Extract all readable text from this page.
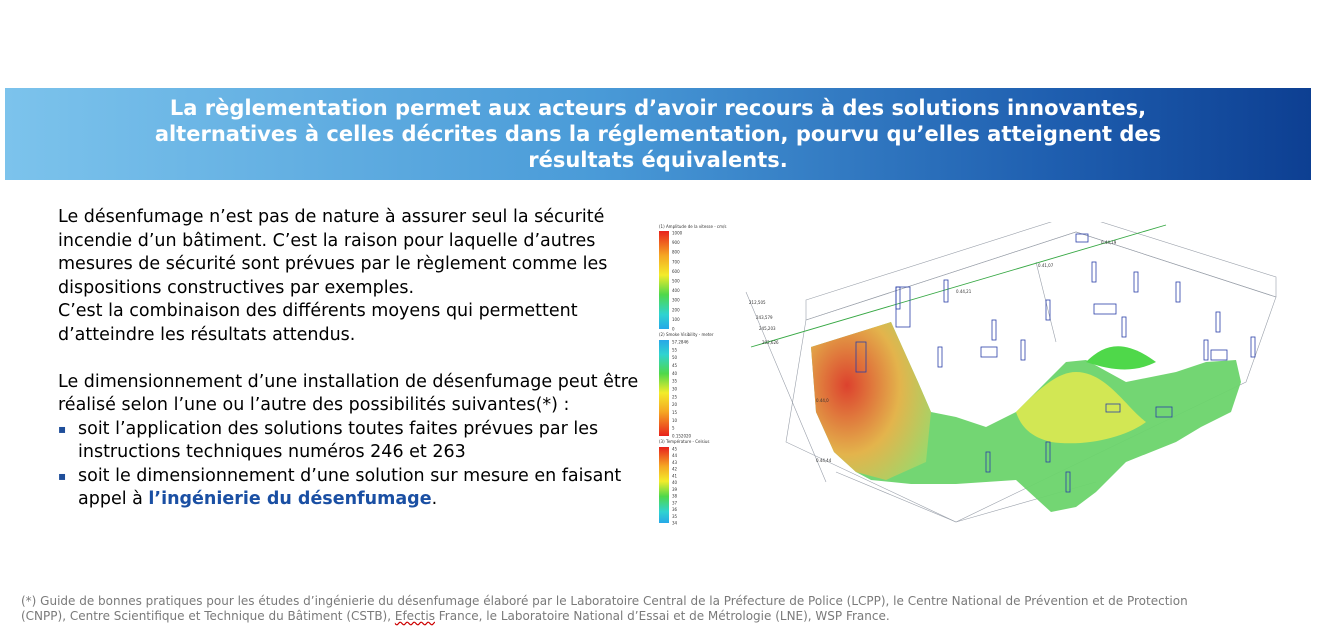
La règlementation permet aux acteurs d’avoir recours à des solutions innovantes,
alternatives à celles décrites dans la réglementation, pourvu qu’elles atteignent des
résultats équivalents.

Le désenfumage n’est pas de nature à assurer seul la sécurité incendie d’un bâtiment. C’est la raison pour laquelle d’autres mesures de sécurité sont prévues par le règlement comme les dispositions constructives par exemples.

C’est la combinaison des différents moyens qui permettent d’atteindre les résultats attendus.

Le dimensionnement d’une installation de désenfumage peut être réalisé selon l’une ou l’autre des possibilités suivantes(*) :

▪ soit l’application des solutions toutes faites prévues par les instructions techniques numéros 246 et 263
▪ soit le dimensionnement d’une solution sur mesure en faisant appel à l’ingénierie du désenfumage.
(1) Amplitude de la vitesse - cm/s
1000
900
800
700
600
500
400
300
200
100
0
(2) Smoke Visibility - meter
57.2846
55
50
45
40
35
30
25
20
15
10
5
0.152020
(3) Température - Celsius
45
44
43
42
41
40
39
38
37
36
35
34
212,505
243,579
245,203
202,626
0.44,0
0.44,21
0.41,07
0.44,19
0.44,44
(*) Guide de bonnes pratiques pour les études d’ingénierie du désenfumage élaboré par le Laboratoire Central de la Préfecture de Police (LCPP), le Centre National de Prévention et de Protection (CNPP), Centre Scientifique et Technique du Bâtiment (CSTB), Efectis France, le Laboratoire National d’Essai et de Métrologie (LNE), WSP France.
